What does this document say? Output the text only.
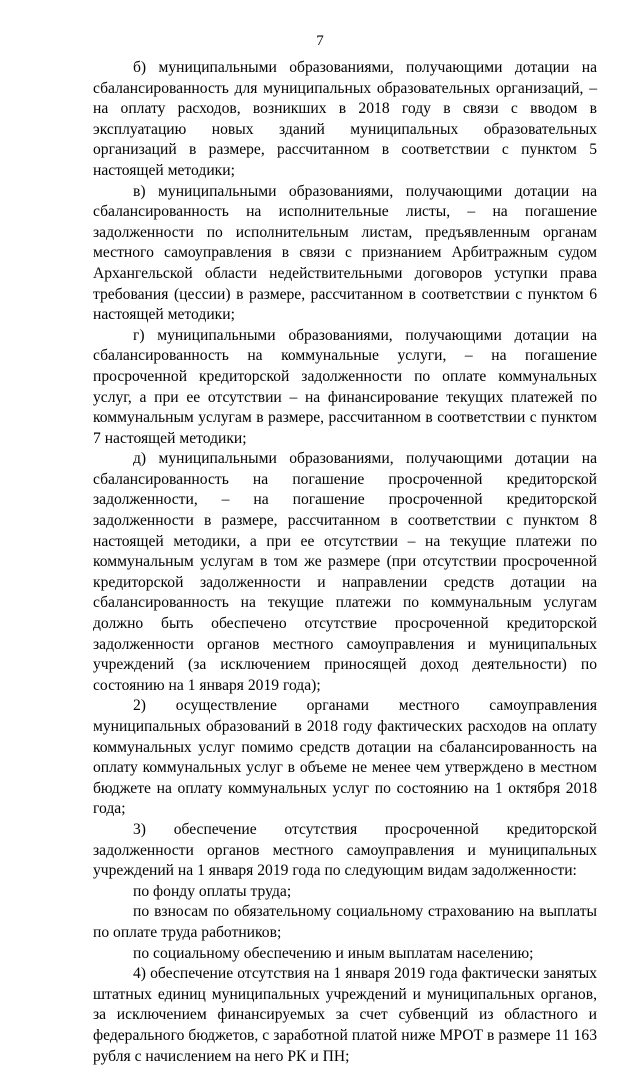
7

б) муниципальными образованиями, получающими дотации на сбалансированность для муниципальных образовательных организаций, – на оплату расходов, возникших в 2018 году в связи с вводом в эксплуатацию новых зданий муниципальных образовательных организаций в размере, рассчитанном в соответствии с пунктом 5 настоящей методики;

в) муниципальными образованиями, получающими дотации на сбалансированность на исполнительные листы, – на погашение задолженности по исполнительным листам, предъявленным органам местного самоуправления в связи с признанием Арбитражным судом Архангельской области недействительными договоров уступки права требования (цессии) в размере, рассчитанном в соответствии с пунктом 6 настоящей методики;

г) муниципальными образованиями, получающими дотации на сбалансированность на коммунальные услуги, – на погашение просроченной кредиторской задолженности по оплате коммунальных услуг, а при ее отсутствии – на финансирование текущих платежей по коммунальным услугам в размере, рассчитанном в соответствии с пунктом 7 настоящей методики;

д) муниципальными образованиями, получающими дотации на сбалансированность на погашение просроченной кредиторской задолженности, – на погашение просроченной кредиторской задолженности в размере, рассчитанном в соответствии с пунктом 8 настоящей методики, а при ее отсутствии – на текущие платежи по коммунальным услугам в том же размере (при отсутствии просроченной кредиторской задолженности и направлении средств дотации на сбалансированность на текущие платежи по коммунальным услугам должно быть обеспечено отсутствие просроченной кредиторской задолженности органов местного самоуправления и муниципальных учреждений (за исключением приносящей доход деятельности) по состоянию на 1 января 2019 года);

2) осуществление органами местного самоуправления муниципальных образований в 2018 году фактических расходов на оплату коммунальных услуг помимо средств дотации на сбалансированность на оплату коммунальных услуг в объеме не менее чем утверждено в местном бюджете на оплату коммунальных услуг по состоянию на 1 октября 2018 года;

3) обеспечение отсутствия просроченной кредиторской задолженности органов местного самоуправления и муниципальных учреждений на 1 января 2019 года по следующим видам задолженности:

по фонду оплаты труда;

по взносам по обязательному социальному страхованию на выплаты по оплате труда работников;

по социальному обеспечению и иным выплатам населению;

4) обеспечение отсутствия на 1 января 2019 года фактически занятых штатных единиц муниципальных учреждений и муниципальных органов, за исключением финансируемых за счет субвенций из областного и федерального бюджетов, с заработной платой ниже МРОТ в размере 11 163 рубля с начислением на него РК и ПН;
